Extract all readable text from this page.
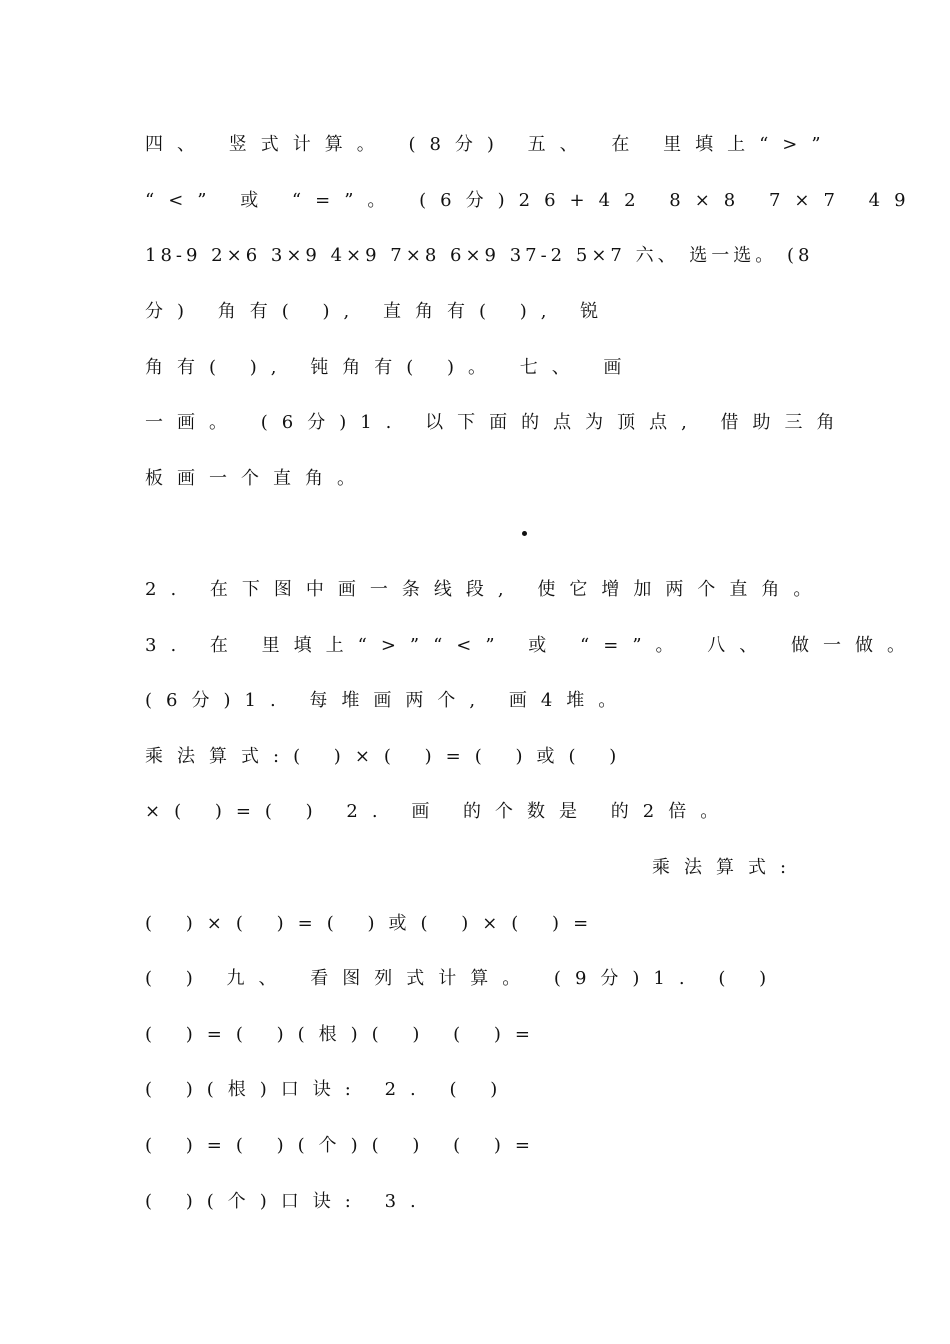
四、 竖式计算。 (8分) 五、 在 里填上“>”
“<” 或 “=”。 (6分)26+42 8×8 7×7 49
18-9 2×6 3×9 4×9 7×8 6×9 37-2 5×7 六、 选一选。 (8
分) 角有( ), 直角有( ), 锐
角有( ), 钝角有( )。 七、 画
一画。 (6分)1. 以下面的点为顶点, 借助三角
板画一个直角。
2. 在下图中画一条线段, 使它增加两个直角。
3. 在 里填上“>”“<” 或 “=”。 八、 做一做。
(6分)1. 每堆画两个, 画4堆。
乘法算式:( )×( )=( )或( )
×( )=( ) 2. 画 的个数是 的2倍。
乘法算式:
( )×( )=( )或( )×( )=
( ) 九、 看图列式计算。 (9分)1. ( )
( )=( )(根)( ) ( )=
( )(根)口诀: 2. ( )
( )=( )(个)( ) ( )=
( )(个)口诀: 3.
